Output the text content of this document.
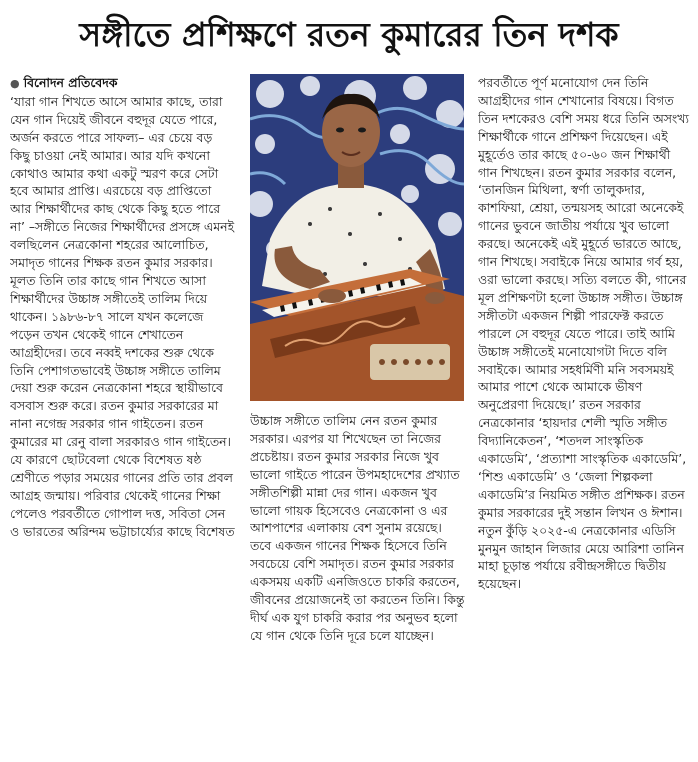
সঙ্গীতে প্রশিক্ষণে রতন কুমারের তিন দশক

● বিনোদন প্রতিবেদক

‘যারা গান শিখতে আসে আমার কাছে, তারা যেন গান দিয়েই জীবনে বহুদূর যেতে পারে, অর্জন করতে পারে সাফল্য– এর চেয়ে বড় কিছু চাওয়া নেই আমার। আর যদি কখনো কোথাও আমার কথা একটু স্মরণ করে সেটা হবে আমার প্রাপ্তি। এরচেয়ে বড় প্রাপ্তিতো আর শিক্ষার্থীদের কাছ থেকে কিছু হতে পারে না’ –সঙ্গীতে নিজের শিক্ষার্থীদের প্রসঙ্গে এমনই বলছিলেন নেত্রকোনা শহরের আলোচিত, সমাদৃত গানের শিক্ষক রতন কুমার সরকার। মূলত তিনি তার কাছে গান শিখতে আসা শিক্ষার্থীদের উচ্চাঙ্গ সঙ্গীতেই তালিম দিয়ে থাকেন। ১৯৮৬-৮৭ সালে যখন কলেজে পড়েন তখন থেকেই গানে শেখাতেন আগ্রহীদের। তবে নব্বই দশকের শুরু থেকে তিনি পেশাগতভাবেই উচ্চাঙ্গ সঙ্গীতে তালিম দেয়া শুরু করেন নেত্রকোনা শহরে স্থায়ীভাবে বসবাস শুরু করে। রতন কুমার সরকারের মা নানা নগেন্দ্র সরকার গান গাইতেন। রতন কুমারের মা রেনু বালা সরকারও গান গাইতেন। যে কারণে ছোটবেলা থেকে বিশেষত ষষ্ঠ শ্রেণীতে পড়ার সময়ের গানের প্রতি তার প্রবল আগ্রহ জন্মায়। পরিবার থেকেই গানের শিক্ষা পেলেও পরবর্তীতে গোপাল দত্ত, সবিতা সেন ও ভারতের অরিন্দম ভট্টাচার্য্যের কাছে বিশেষত

উচ্চাঙ্গ সঙ্গীতে তালিম নেন রতন কুমার সরকার। এরপর যা শিখেছেন তা নিজের প্রচেষ্টায়। রতন কুমার সরকার নিজে খুব ভালো গাইতে পারেন উপমহাদেশের প্রখ্যাত সঙ্গীতশিল্পী মান্না দের গান। একজন খুব ভালো গায়ক হিসেবেও নেত্রকোনা ও এর আশপাশের এলাকায় বেশ সুনাম রয়েছে। তবে একজন গানের শিক্ষক হিসেবে তিনি সবচেয়ে বেশি সমাদৃত। রতন কুমার সরকার একসময় একটি এনজিওতে চাকরি করতেন, জীবনের প্রয়োজনেই তা করতেন তিনি। কিন্তু দীর্ঘ এক যুগ চাকরি করার পর অনুভব হলো যে গান থেকে তিনি দূরে চলে যাচ্ছেন।

পরবর্তীতে পূর্ণ মনোযোগ দেন তিনি আগ্রহীদের গান শেখানোর বিষয়ে। বিগত তিন দশকেরও বেশি সময় ধরে তিনি অসংখ্য শিক্ষার্থীকে গানে প্রশিক্ষণ দিয়েছেন। এই মুহূর্তেও তার কাছে ৫০-৬০ জন শিক্ষার্থী গান শিখছেন। রতন কুমার সরকার বলেন, ‘তানজিন মিথিলা, স্বর্ণা তালুকদার, কাশফিয়া, শ্রেয়া, তন্ময়সহ আরো অনেকেই গানের ভুবনে জাতীয় পর্যায়ে খুব ভালো করছে। অনেকেই এই মুহূর্তে ভারতে আছে, গান শিখছে। সবাইকে নিয়ে আমার গর্ব হয়, ওরা ভালো করছে। সত্যি বলতে কী, গানের মূল প্রশিক্ষণটা হলো উচ্চাঙ্গ সঙ্গীত। উচ্চাঙ্গ সঙ্গীতটা একজন শিল্পী পারফেক্ট করতে পারলে সে বহুদূর যেতে পারে। তাই আমি উচ্চাঙ্গ সঙ্গীতেই মনোযোগটা দিতে বলি সবাইকে। আমার সহধর্মিণী মনি সবসময়ই আমার পাশে থেকে আমাকে ভীষণ অনুপ্রেরণা দিয়েছে।’ রতন সরকার নেত্রকোনার ‘হায়দার শেলী স্মৃতি সঙ্গীত বিদ্যানিকেতন’, ‘শতদল সাংস্কৃতিক একাডেমি’, ‘প্রত্যাশা সাংস্কৃতিক একাডেমি’, ‘শিশু একাডেমি’ ও ‘জেলা শিল্পকলা একাডেমি’র নিয়মিত সঙ্গীত প্রশিক্ষক। রতন কুমার সরকারের দুই সন্তান লিখন ও ঈশান। নতুন কুঁড়ি ২০২৫-এ নেত্রকোনার এডিসি মুনমুন জাহান লিজার মেয়ে আরিশা তানিন মাহা চূড়ান্ত পর্যায়ে রবীন্দ্রসঙ্গীতে দ্বিতীয় হয়েছেন।
